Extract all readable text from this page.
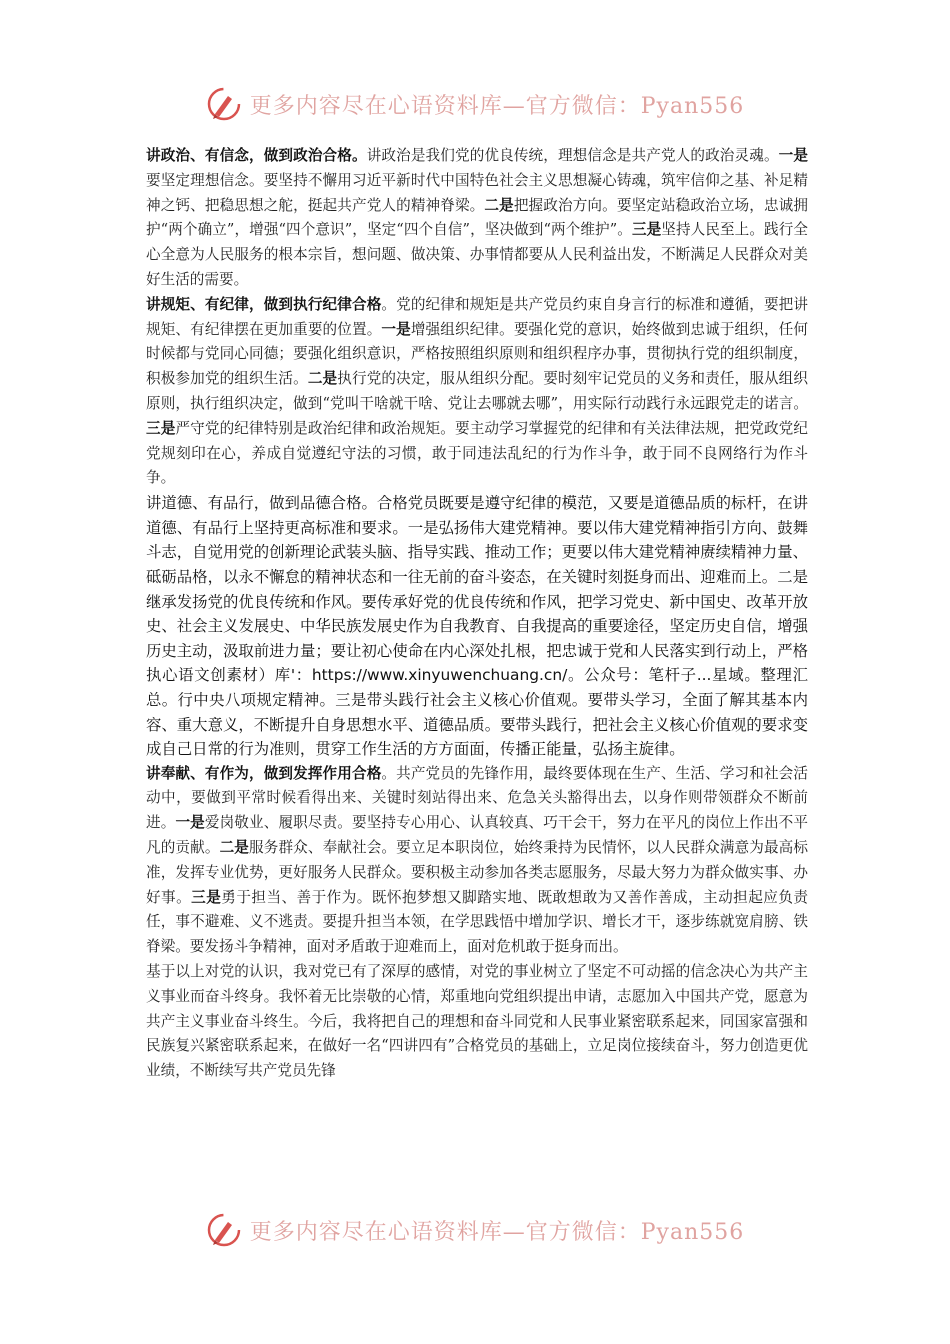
更多内容尽在心语资料库—官方微信：Pyan556

讲政治、有信念，做到政治合格。讲政治是我们党的优良传统，理想信念是共产党人的政治灵魂。一是要坚定理想信念。要坚持不懈用习近平新时代中国特色社会主义思想凝心铸魂，筑牢信仰之基、补足精神之钙、把稳思想之舵，挺起共产党人的精神脊梁。二是把握政治方向。要坚定站稳政治立场，忠诚拥护“两个确立”，增强“四个意识”，坚定“四个自信”，坚决做到“两个维护”。三是坚持人民至上。践行全心全意为人民服务的根本宗旨，想问题、做决策、办事情都要从人民利益出发，不断满足人民群众对美好生活的需要。

讲规矩、有纪律，做到执行纪律合格。党的纪律和规矩是共产党员约束自身言行的标准和遵循，要把讲规矩、有纪律摆在更加重要的位置。一是增强组织纪律。要强化党的意识，始终做到忠诚于组织，任何时候都与党同心同德；要强化组织意识，严格按照组织原则和组织程序办事，贯彻执行党的组织制度，积极参加党的组织生活。二是执行党的决定，服从组织分配。要时刻牢记党员的义务和责任，服从组织原则，执行组织决定，做到“党叫干啥就干啥、党让去哪就去哪”，用实际行动践行永远跟党走的诺言。三是严守党的纪律特别是政治纪律和政治规矩。要主动学习掌握党的纪律和有关法律法规，把党政党纪党规刻印在心，养成自觉遵纪守法的习惯，敢于同违法乱纪的行为作斗争，敢于同不良网络行为作斗争。

讲道德、有品行，做到品德合格。合格党员既要是遵守纪律的模范，又要是道德品质的标杆，在讲道德、有品行上坚持更高标准和要求。一是弘扬伟大建党精神。要以伟大建党精神指引方向、鼓舞斗志，自觉用党的创新理论武装头脑、指导实践、推动工作；更要以伟大建党精神赓续精神力量、砥砺品格，以永不懈怠的精神状态和一往无前的奋斗姿态，在关键时刻挺身而出、迎难而上。二是继承发扬党的优良传统和作风。要传承好党的优良传统和作风，把学习党史、新中国史、改革开放史、社会主义发展史、中华民族发展史作为自我教育、自我提高的重要途径，坚定历史自信，增强历史主动，汲取前进力量；要让初心使命在内心深处扎根，把忠诚于党和人民落实到行动上，严格执心语文创素材）库'：https://www.xinyuwenchuang.cn/。公众号：笔杆子...星域。整理汇总。行中央八项规定精神。三是带头践行社会主义核心价值观。要带头学习，全面了解其基本内容、重大意义，不断提升自身思想水平、道德品质。要带头践行，把社会主义核心价值观的要求变成自己日常的行为准则，贯穿工作生活的方方面面，传播正能量，弘扬主旋律。

讲奉献、有作为，做到发挥作用合格。共产党员的先锋作用，最终要体现在生产、生活、学习和社会活动中，要做到平常时候看得出来、关键时刻站得出来、危急关头豁得出去，以身作则带领群众不断前进。一是爱岗敬业、履职尽责。要坚持专心用心、认真较真、巧干会干，努力在平凡的岗位上作出不平凡的贡献。二是服务群众、奉献社会。要立足本职岗位，始终秉持为民情怀，以人民群众满意为最高标准，发挥专业优势，更好服务人民群众。要积极主动参加各类志愿服务，尽最大努力为群众做实事、办好事。三是勇于担当、善于作为。既怀抱梦想又脚踏实地、既敢想敢为又善作善成，主动担起应负责任，事不避难、义不逃责。要提升担当本领，在学思践悟中增加学识、增长才干，逐步练就宽肩膀、铁脊梁。要发扬斗争精神，面对矛盾敢于迎难而上，面对危机敢于挺身而出。

基于以上对党的认识，我对党已有了深厚的感情，对党的事业树立了坚定不可动摇的信念决心为共产主义事业而奋斗终身。我怀着无比崇敬的心情，郑重地向党组织提出申请，志愿加入中国共产党，愿意为共产主义事业奋斗终生。今后，我将把自己的理想和奋斗同党和人民事业紧密联系起来，同国家富强和民族复兴紧密联系起来，在做好一名“四讲四有”合格党员的基础上，立足岗位接续奋斗，努力创造更优业绩，不断续写共产党员先锋

更多内容尽在心语资料库—官方微信：Pyan556
